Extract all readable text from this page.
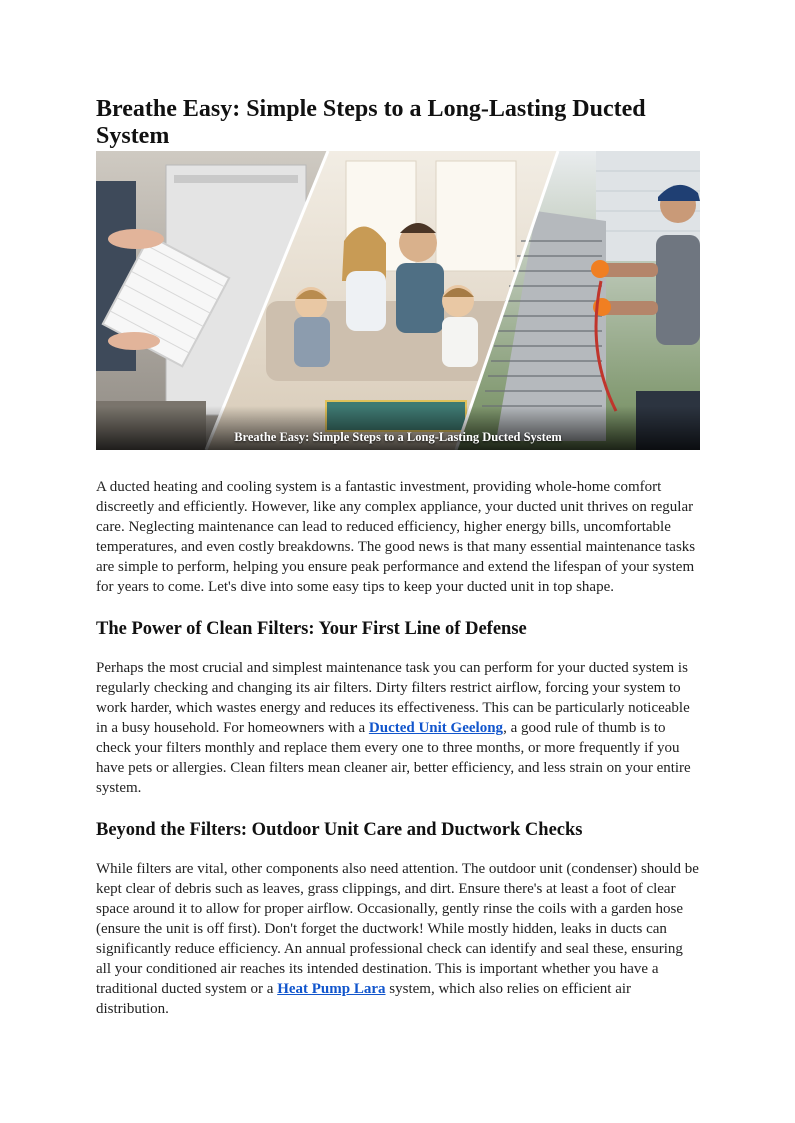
Breathe Easy: Simple Steps to a Long-Lasting Ducted System
Breathe Easy: Simple Steps to a Long-Lasting Ducted System

A ducted heating and cooling system is a fantastic investment, providing whole-home comfort discreetly and efficiently. However, like any complex appliance, your ducted unit thrives on regular care. Neglecting maintenance can lead to reduced efficiency, higher energy bills, uncomfortable temperatures, and even costly breakdowns. The good news is that many essential maintenance tasks are simple to perform, helping you ensure peak performance and extend the lifespan of your system for years to come. Let's dive into some easy tips to keep your ducted unit in top shape.

The Power of Clean Filters: Your First Line of Defense

Perhaps the most crucial and simplest maintenance task you can perform for your ducted system is regularly checking and changing its air filters. Dirty filters restrict airflow, forcing your system to work harder, which wastes energy and reduces its effectiveness. This can be particularly noticeable in a busy household. For homeowners with a Ducted Unit Geelong, a good rule of thumb is to check your filters monthly and replace them every one to three months, or more frequently if you have pets or allergies. Clean filters mean cleaner air, better efficiency, and less strain on your entire system.

Beyond the Filters: Outdoor Unit Care and Ductwork Checks

While filters are vital, other components also need attention. The outdoor unit (condenser) should be kept clear of debris such as leaves, grass clippings, and dirt. Ensure there's at least a foot of clear space around it to allow for proper airflow. Occasionally, gently rinse the coils with a garden hose (ensure the unit is off first). Don't forget the ductwork! While mostly hidden, leaks in ducts can significantly reduce efficiency. An annual professional check can identify and seal these, ensuring all your conditioned air reaches its intended destination. This is important whether you have a traditional ducted system or a Heat Pump Lara system, which also relies on efficient air distribution.
